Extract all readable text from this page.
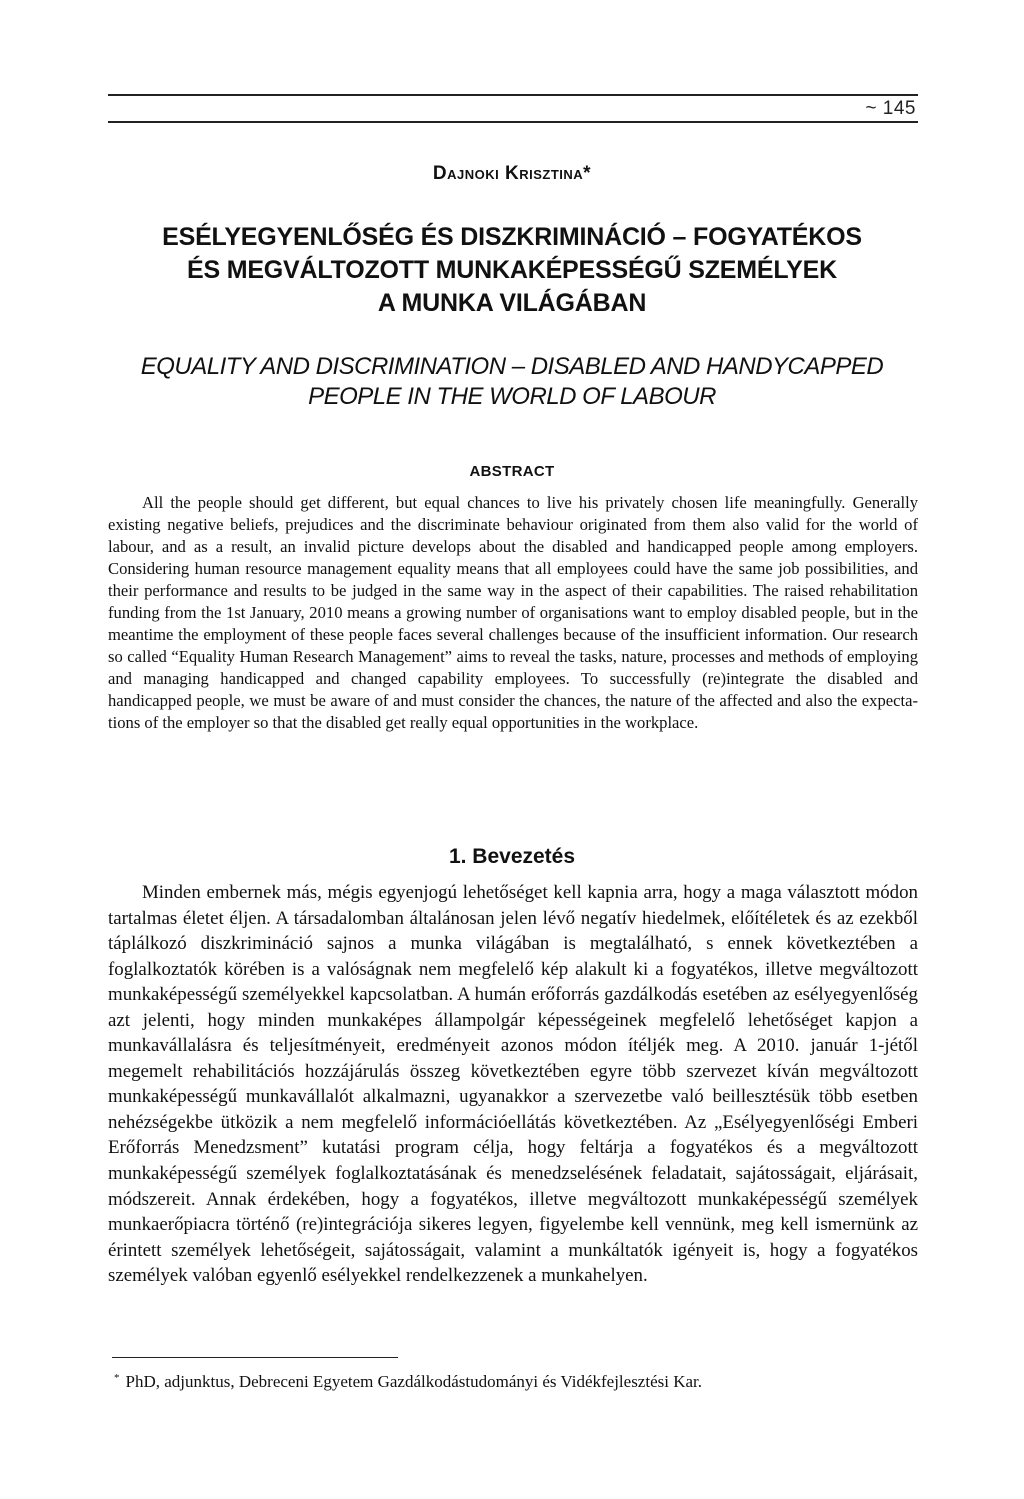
~ 145
Dajnoki Krisztina*
ESÉLYEGYENLŐSÉG ÉS DISZKRIMINÁCIÓ – FOGYATÉKOS
ÉS MEGVÁLTOZOTT MUNKAKÉPESSÉGŰ SZEMÉLYEK
A MUNKA VILÁGÁBAN
EQUALITY AND DISCRIMINATION – DISABLED AND HANDYCAPPED
PEOPLE IN THE WORLD OF LABOUR
ABSTRACT
All the people should get different, but equal chances to live his privately chosen life meaningfully. Generally existing negative beliefs, prejudices and the discriminate behaviour originated from them also valid for the world of labour, and as a result, an invalid picture develops about the disabled and handicapped people among employers. Considering human resource management equality means that all employees could have the same job possibilities, and their performance and results to be judged in the same way in the aspect of their capabilities. The raised rehabilitation funding from the 1st January, 2010 means a growing number of organisations want to employ disabled people, but in the meantime the employment of these people faces several challenges because of the insufficient information. Our research so called “Equality Human Research Management” aims to reveal the tasks, nature, processes and methods of employing and managing handicapped and changed capability employees. To successfully (re)integrate the disabled and handicapped people, we must be aware of and must consider the chances, the nature of the affected and also the expectations of the employer so that the disabled get really equal opportunities in the workplace.
1. Bevezetés
Minden embernek más, mégis egyenjogú lehetőséget kell kapnia arra, hogy a maga választott módon tartalmas életet éljen. A társadalomban általánosan jelen lévő negatív hiedelmek, előítéletek és az ezekből táplálkozó diszkrimináció sajnos a munka világában is megtalálható, s ennek következtében a foglalkoztatók körében is a valóságnak nem megfelelő kép alakult ki a fogyatékos, illetve megváltozott munkaképességű személyekkel kapcsolatban. A humán erőforrás gazdálkodás esetében az esélyegyenlőség azt jelenti, hogy minden munkaképes állampolgár képességeinek megfelelő lehetőséget kapjon a munkavállalásra és teljesítményeit, eredményeit azonos módon ítéljék meg. A 2010. január 1-jétől megemelt rehabilitációs hozzájárulás összeg következtében egyre több szervezet kíván megváltozott munkaképességű munkavállalót alkalmazni, ugyanakkor a szervezetbe való beillesztésük több esetben nehézségekbe ütközik a nem megfelelő információellátás következtében. Az „Esélyegyenlőségi Emberi Erőforrás Menedzsment” kutatási program célja, hogy feltárja a fogyatékos és a megváltozott munkaképességű személyek foglalkoztatásának és menedzselésének feladatait, sajátosságait, eljárásait, módszereit. Annak érdekében, hogy a fogyatékos, illetve megváltozott munkaképességű személyek munkaerőpiacra történő (re)integrációja sikeres legyen, figyelembe kell vennünk, meg kell ismernünk az érintett személyek lehetőségeit, sajátosságait, valamint a munkáltatók igényeit is, hogy a fogyatékos személyek valóban egyenlő esélyekkel rendelkezzenek a munkahelyen.
* PhD, adjunktus, Debreceni Egyetem Gazdálkodástudományi és Vidékfejlesztési Kar.
